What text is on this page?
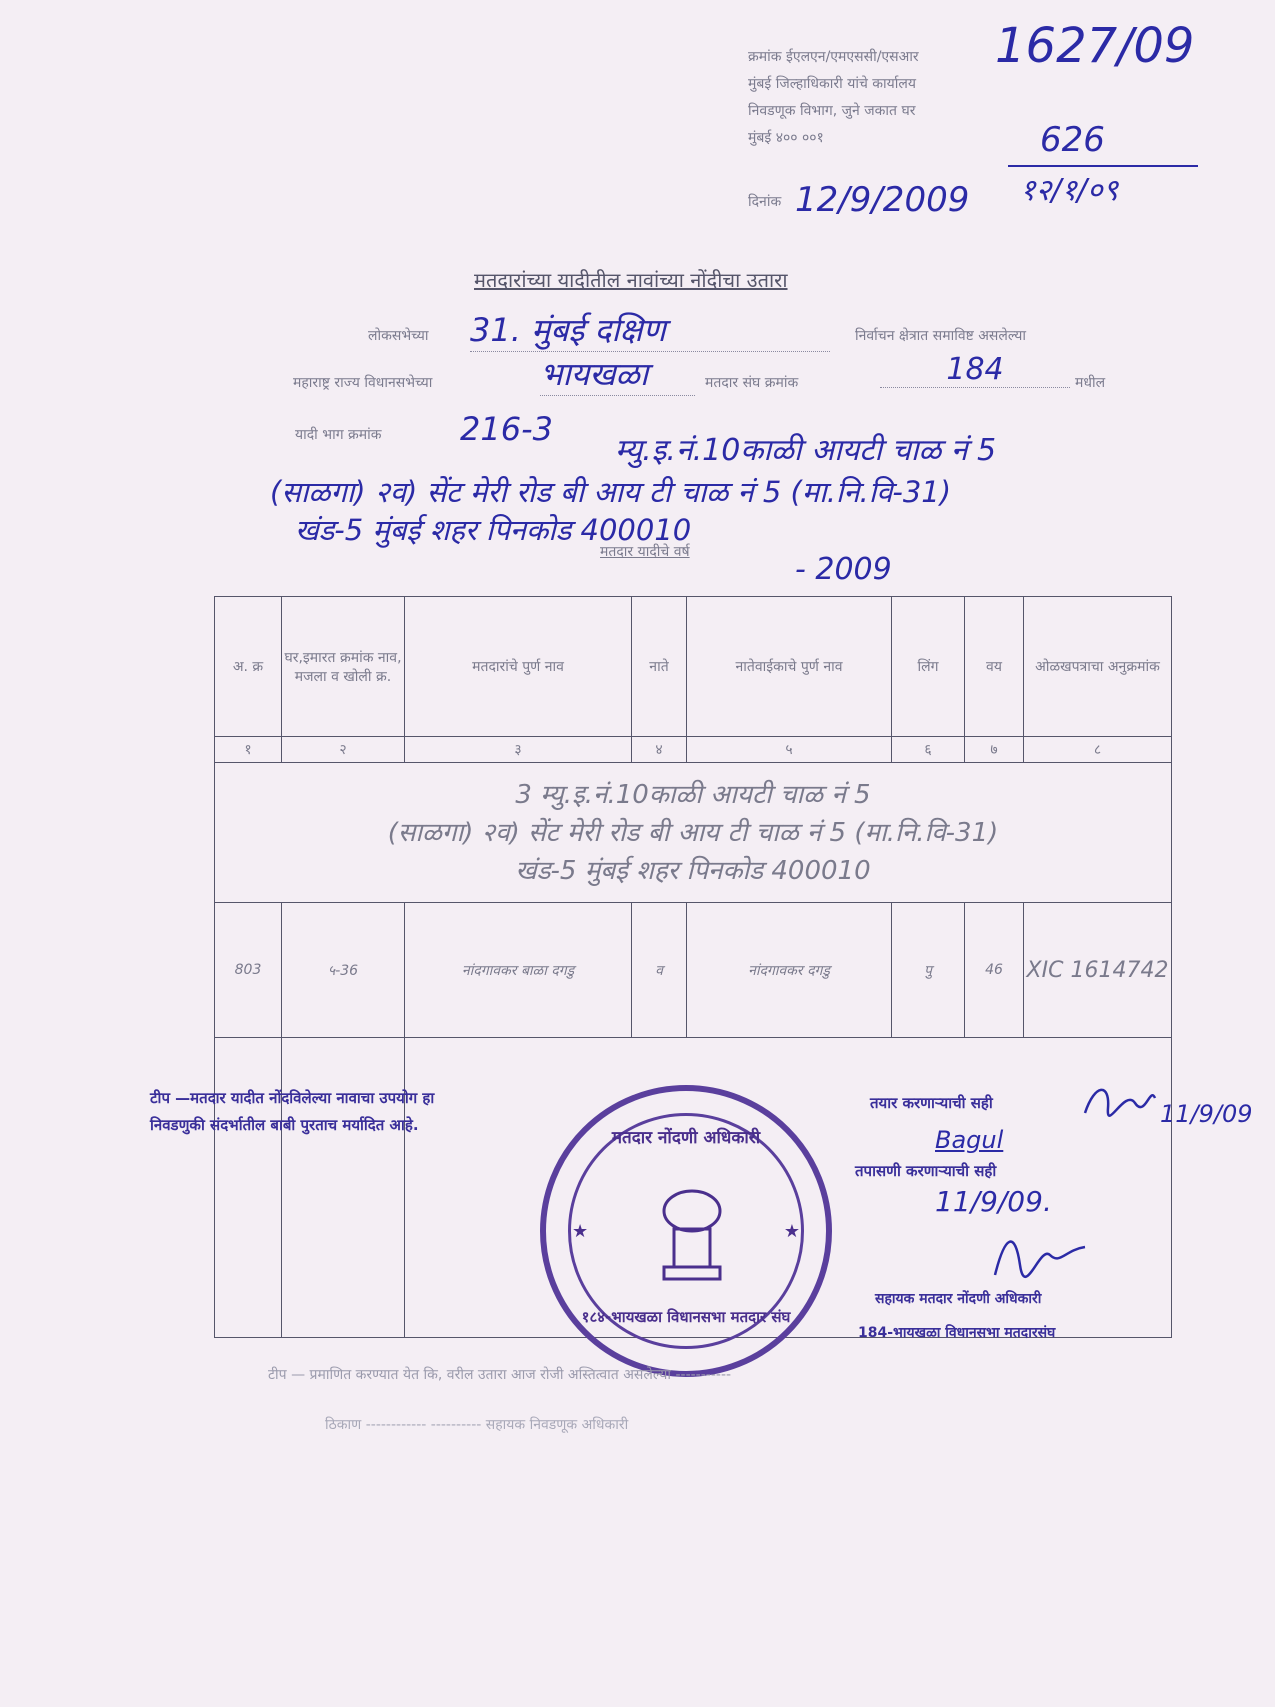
क्रमांक ईएलएन/एमएससी/एसआर
मुंबई जिल्हाधिकारी यांचे कार्यालय
निवडणूक विभाग, जुने जकात घर
मुंबई ४०० ००१
1627/09
626
१२/१/०९
दिनांक 12/9/2009
मतदारांच्या यादीतील नावांच्या नोंदीचा उतारा
लोकसभेच्या 31. मुंबई दक्षिण	निर्वाचन क्षेत्रात समाविष्ट असलेल्या
महाराष्ट्र राज्य विधानसभेच्या	भायखळा	मतदार संघ क्रमांक	184	मधील
यादी भाग क्रमांक 216-3
म्यु.इ.नं.10काळी आयटी चाळ नं 5
(साळगा) २व) सेंट मेरी रोड बी आय टी चाळ नं 5 (मा.नि.वि-31)
खंड-5 मुंबई शहर पिनकोड 400010
मतदार यादीचे वर्ष	- 2009
अ. क्र	घर,इमारत क्रमांक नाव, मजला व खोली क्र.	मतदारांचे पुर्ण नाव	नाते	नातेवाईकाचे पुर्ण नाव	लिंग	वय	ओळखपत्राचा अनुक्रमांक
१	२	३	४	५	६	७	८

3 म्यु.इ.नं.10काळी आयटी चाळ नं 5
(साळगा) २व) सेंट मेरी रोड बी आय टी चाळ नं 5 (मा.नि.वि-31)
खंड-5 मुंबई शहर पिनकोड 400010							

803	५-36	नांदगावकर बाळा दगडु	व	नांदगावकर दगडु	पु	46	XIC 1614742

टीप —मतदार यादीत नोंदविलेल्या नावाचा उपयोग हा निवडणुकी संदर्भातील बाबी पुरताच मर्यादित आहे.
मतदार नोंदणी अधिकारी
★	★
१८४-भायखळा विधानसभा मतदार संघ
तयार करणाऱ्याची सही	11/9/09
Bagul
तपासणी करणाऱ्याची सही
11/9/09.
सहायक मतदार नोंदणी अधिकारी
184-भायखळा विधानसभा मतदारसंघ
टीप — प्रमाणित करण्यात येत कि, वरील उतारा आज रोजी अस्तित्वात असलेल्या -----------
ठिकाण ------------ ---------- सहायक निवडणूक अधिकारी
